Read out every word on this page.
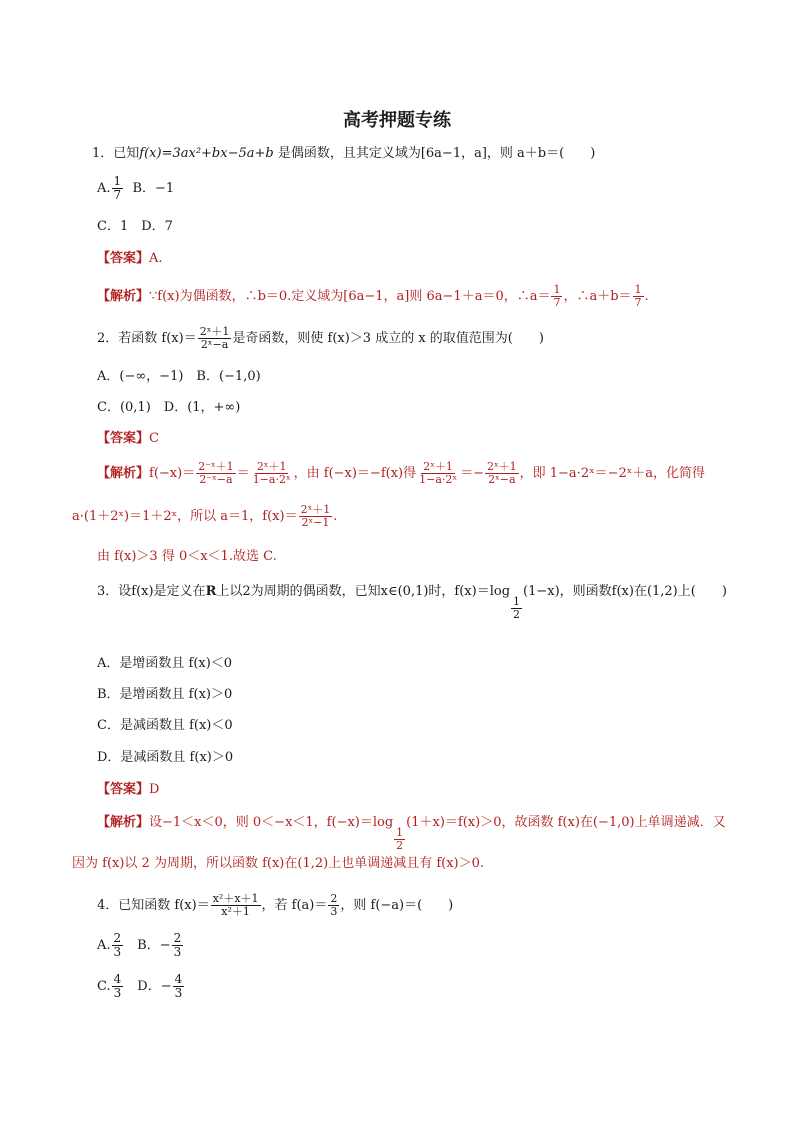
高考押题专练
1．已知f(x)=3ax²+bx−5a+b 是偶函数，且其定义域为[6a−1，a]，则 a＋b＝(　　)
A. $\frac{1}{7}$ B．−1
C．1　D．7
【答案】A.
【解析】∵f(x)为偶函数，∴b＝0.定义域为[6a−1，a]则 6a−1＋a＝0，∴a＝ $\frac{1}{7}$ ，∴a＋b＝ $\frac{1}{7}$ .
2．若函数 $f(x)= \frac{\text{2ˣ＋1}}{\text{2ˣ−a}}$ 是奇函数，则使 f(x)＞3 成立的 x 的取值范围为(　　)
A．(−∞，−1)　B．(−1,0)
C．(0,1)　D．(1，+∞)
【答案】C
【解析】$f(-x)= \frac{\text{2⁻ˣ＋1}}{\text{2⁻ˣ−a}} = \frac{\text{2ˣ＋1}}{\text{1−a·2ˣ}}$ ，由 f(−x)＝−f(x)得 $\frac{\text{2ˣ＋1}}{\text{1−a·2ˣ}} =- \frac{\text{2ˣ＋1}}{\text{2ˣ−a}}$ ，即 1−a·2ˣ＝−2ˣ＋a，化简得
a·(1＋2ˣ)＝1＋2ˣ，所以 a＝1，$f(x)= \frac{\text{2ˣ＋1}}{\text{2ˣ−1}}$ .
由 f(x)＞3 得 0＜x＜1.故选 C.
3．设f(x)是定义在R上以2为周期的偶函数，已知x∈(0,1)时，f(x)＝log
$\frac{1}{2}$
(1−x)，则函数f(x)在(1,2)上(　　)
A．是增函数且 f(x)＜0
B．是增函数且 f(x)＞0
C．是减函数且 f(x)＜0
D．是减函数且 f(x)＞0
【答案】D
【解析】设−1＜x＜0，则 0＜−x＜1，f(−x)＝log
$\frac{1}{2}$
(1＋x)＝f(x)＞0，故函数 f(x)在(−1,0)上单调递减．又
因为 f(x)以 2 为周期，所以函数 f(x)在(1,2)上也单调递减且有 f(x)＞0.
4．已知函数 $f(x)= \frac{\text{x²＋x＋1}}{\text{x²＋1}}$ ，若 $f(a)= \frac{2}{3}$ ，则 f(−a)＝(　　)
A. $\frac{2}{3}$ 　B．− $\frac{2}{3}$
C. $\frac{4}{3}$ 　D．− $\frac{4}{3}$
